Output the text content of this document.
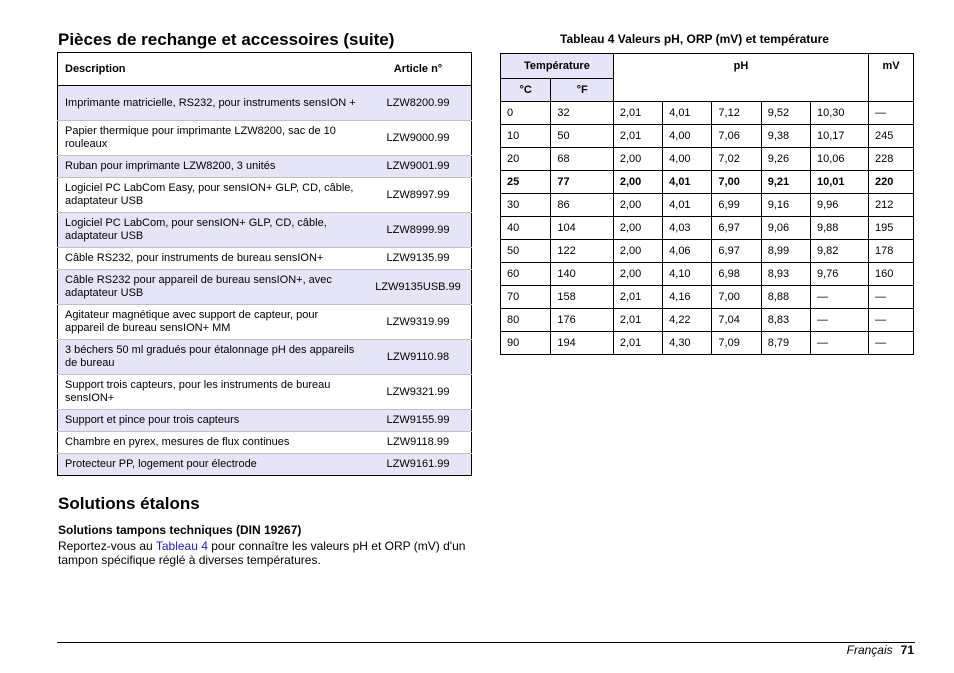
Pièces de rechange et accessoires (suite)
Description	Article n°
Imprimante matricielle, RS232, pour instruments sensION +	LZW8200.99
Papier thermique pour imprimante LZW8200, sac de 10 rouleaux	LZW9000.99
Ruban pour imprimante LZW8200, 3 unités	LZW9001.99
Logiciel PC LabCom Easy, pour sensION+ GLP, CD, câble, adaptateur USB	LZW8997.99
Logiciel PC LabCom, pour sensION+ GLP, CD, câble, adaptateur USB	LZW8999.99
Câble RS232, pour instruments de bureau sensION+	LZW9135.99
Câble RS232 pour appareil de bureau sensION+, avec adaptateur USB	LZW9135USB.99
Agitateur magnétique avec support de capteur, pour appareil de bureau sensION+ MM	LZW9319.99
3 béchers 50 ml gradués pour étalonnage pH des appareils de bureau	LZW9110.98
Support trois capteurs, pour les instruments de bureau sensION+	LZW9321.99
Support et pince pour trois capteurs	LZW9155.99
Chambre en pyrex, mesures de flux continues	LZW9118.99
Protecteur PP, logement pour électrode	LZW9161.99
Solutions étalons
Solutions tampons techniques (DIN 19267)

Reportez-vous au Tableau 4 pour connaître les valeurs pH et ORP (mV) d'un tampon spécifique réglé à diverses températures.

Tableau 4 Valeurs pH, ORP (mV) et température
Température		pH					mV
°C	°F						
0	32	2,01	4,01	7,12	9,52	10,30	—
10	50	2,01	4,00	7,06	9,38	10,17	245
20	68	2,00	4,00	7,02	9,26	10,06	228
25	77	2,00	4,01	7,00	9,21	10,01	220
30	86	2,00	4,01	6,99	9,16	9,96	212
40	104	2,00	4,03	6,97	9,06	9,88	195
50	122	2,00	4,06	6,97	8,99	9,82	178
60	140	2,00	4,10	6,98	8,93	9,76	160
70	158	2,01	4,16	7,00	8,88	—	—
80	176	2,01	4,22	7,04	8,83	—	—
90	194	2,01	4,30	7,09	8,79	—	—
Français 71
